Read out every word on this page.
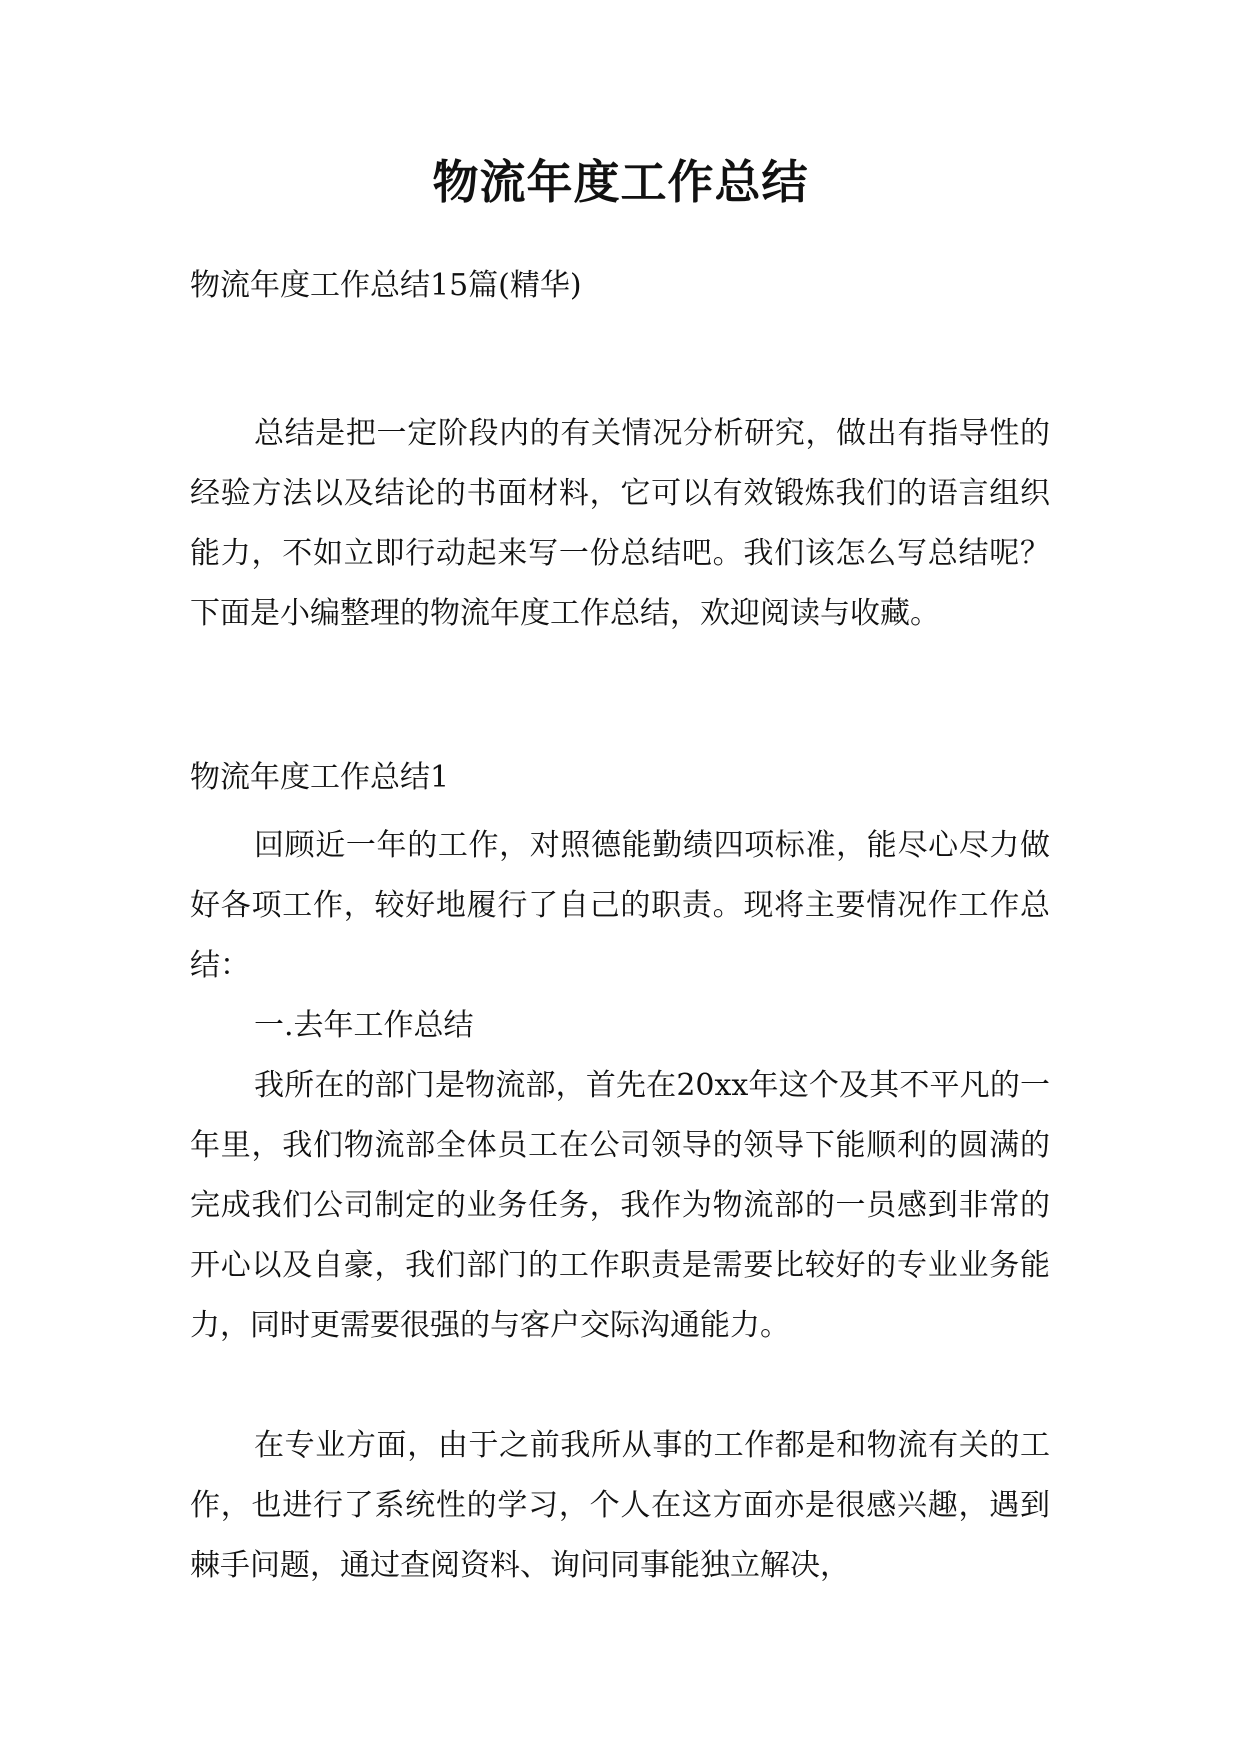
物流年度工作总结
物流年度工作总结15篇(精华)

总结是把一定阶段内的有关情况分析研究，做出有指导性的经验方法以及结论的书面材料，它可以有效锻炼我们的语言组织能力，不如立即行动起来写一份总结吧。我们该怎么写总结呢？下面是小编整理的物流年度工作总结，欢迎阅读与收藏。

物流年度工作总结1

回顾近一年的工作，对照德能勤绩四项标准，能尽心尽力做好各项工作，较好地履行了自己的职责。现将主要情况作工作总结：

一.去年工作总结

我所在的部门是物流部，首先在20xx年这个及其不平凡的一年里，我们物流部全体员工在公司领导的领导下能顺利的圆满的完成我们公司制定的业务任务，我作为物流部的一员感到非常的开心以及自豪，我们部门的工作职责是需要比较好的专业业务能力，同时更需要很强的与客户交际沟通能力。

在专业方面，由于之前我所从事的工作都是和物流有关的工作，也进行了系统性的学习，个人在这方面亦是很感兴趣，遇到棘手问题，通过查阅资料、询问同事能独立解决，
